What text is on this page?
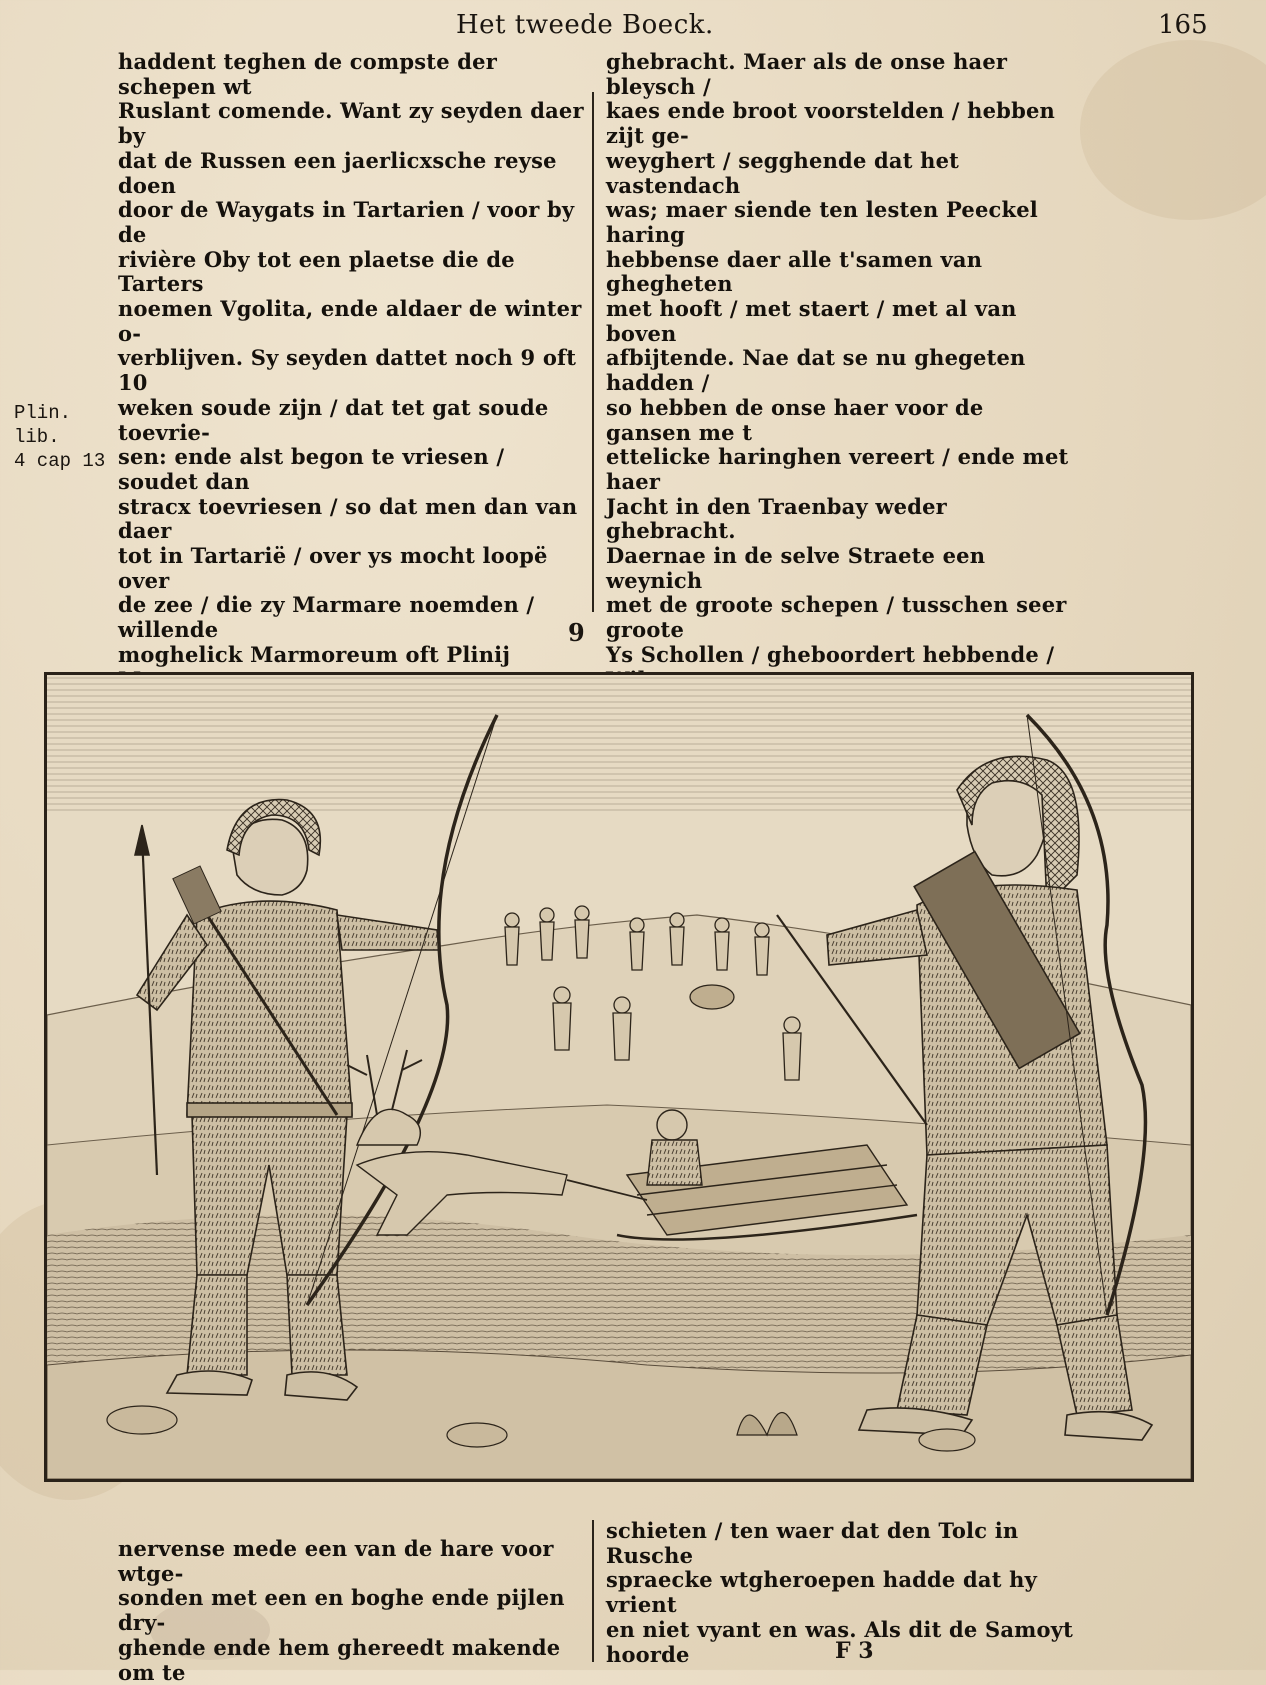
Het tweede Boeck.	165
haddent teghen de compste der schepen wt
Ruslant comende. Want zy seyden daer by
dat de Russen een jaerlicxsche reyse doen
door de Waygats in Tartarien / voor by de
rivière Oby tot een plaetse die de Tarters
noemen Vgolita, ende aldaer de winter o-
verblijven. Sy seyden dattet noch 9 oft 10
weken soude zijn / dat tet gat soude toevrie-
sen: ende alst begon te vriesen / soudet dan
stracx toevriesen / so dat men dan van daer
tot in Tartarië / over ys mocht loopë over
de zee / die zy Marmare noemden / willende
moghelick Marmoreum oft Plinij

ghebracht. Maer als de onse haer bleysch /
kaes ende broot voorstelden / hebben zijt ge-
weyghert / segghende dat het vastendach
was; maer siende ten lesten Peeckel haring
hebbense daer alle t'samen van ghegheten
met hooft / met staert / met al van boven
afbijtende. Nae dat se nu ghegeten hadden /
so hebben de onse haer voor de gansen me t
ettelicke haringhen vereert / ende met haer
Jacht in den Traenbay weder ghebracht.
Daernae in de selve Straete een weynich
met de groote schepen / tusschen seer groote
Ys Schollen / gheboordert hebbende /

Plin. lib.
4 cap 13
9
nervense mede een van de hare voor wtge-
sonden met een en boghe ende pijlen dry-
ghende ende hem ghereedt makende om te
schieten / ten waer dat den Tolc in Rusche
spraecke wtgheroepen hadde dat hy vrient
en niet vyant en was. Als dit de Samoyt
hoorde	F 3
